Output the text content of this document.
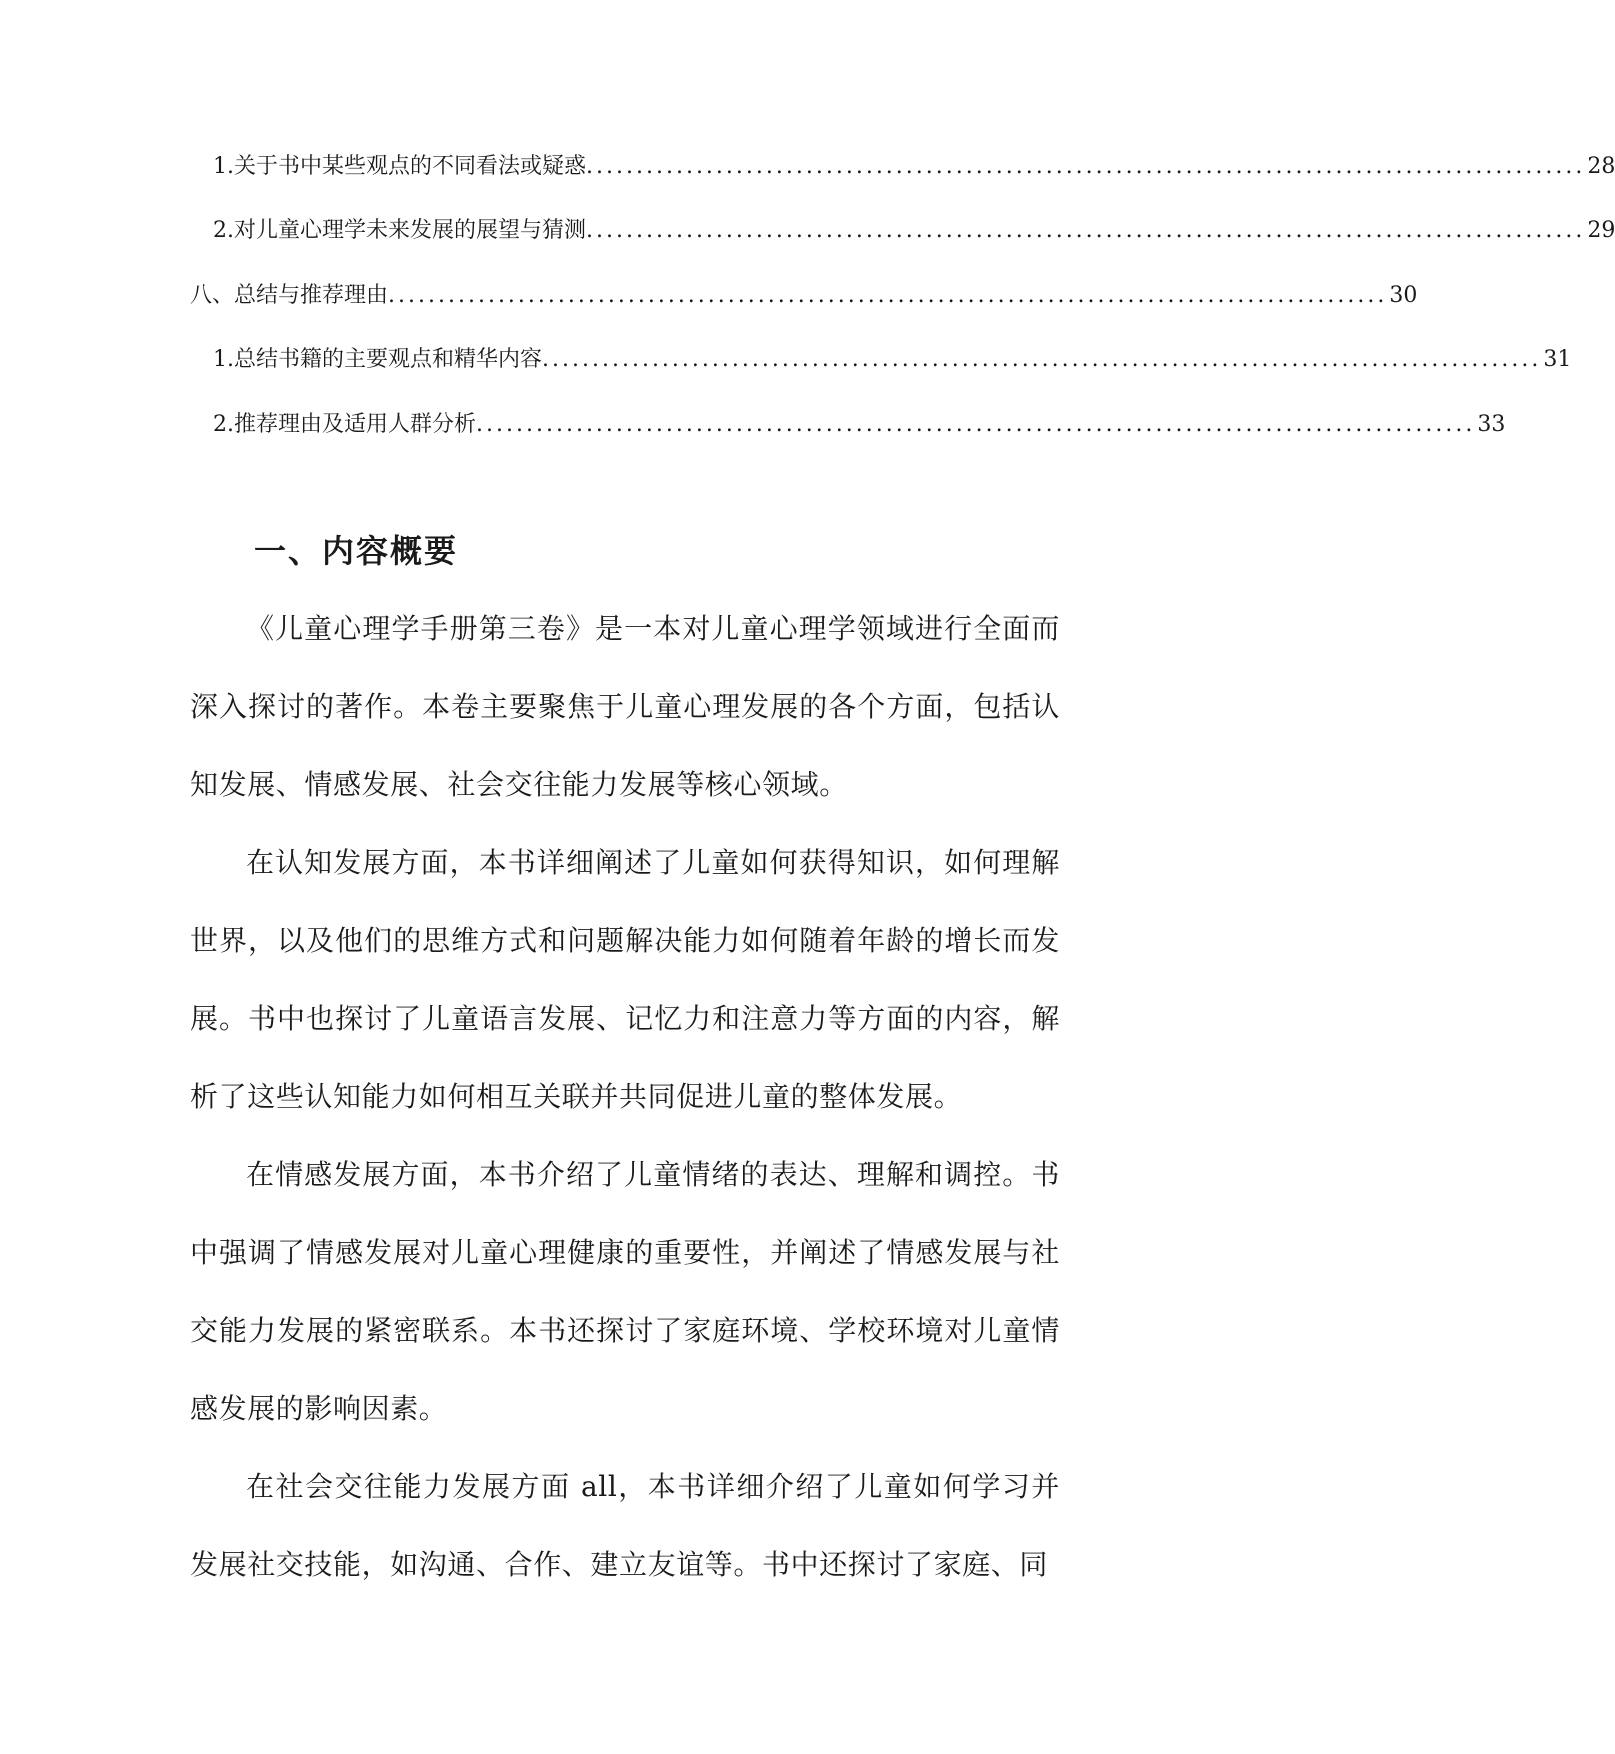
1. 关于书中某些观点的不同看法或疑惑 .................................................................................................... 28
2. 对儿童心理学未来发展的展望与猜测 .................................................................................................... 29
八、总结与推荐理由 .................................................................................................... 30
1. 总结书籍的主要观点和精华内容 .................................................................................................... 31
2. 推荐理由及适用人群分析 .................................................................................................... 33
一、内容概要

《儿童心理学手册第三卷》是一本对儿童心理学领域进行全面而深入探讨的著作。本卷主要聚焦于儿童心理发展的各个方面，包括认知发展、情感发展、社会交往能力发展等核心领域。

在认知发展方面，本书详细阐述了儿童如何获得知识，如何理解世界，以及他们的思维方式和问题解决能力如何随着年龄的增长而发展。书中也探讨了儿童语言发展、记忆力和注意力等方面的内容，解析了这些认知能力如何相互关联并共同促进儿童的整体发展。

在情感发展方面，本书介绍了儿童情绪的表达、理解和调控。书中强调了情感发展对儿童心理健康的重要性，并阐述了情感发展与社交能力发展的紧密联系。本书还探讨了家庭环境、学校环境对儿童情感发展的影响因素。

在社会交往能力发展方面 all，本书详细介绍了儿童如何学习并发展社交技能，如沟通、合作、建立友谊等。书中还探讨了家庭、同
